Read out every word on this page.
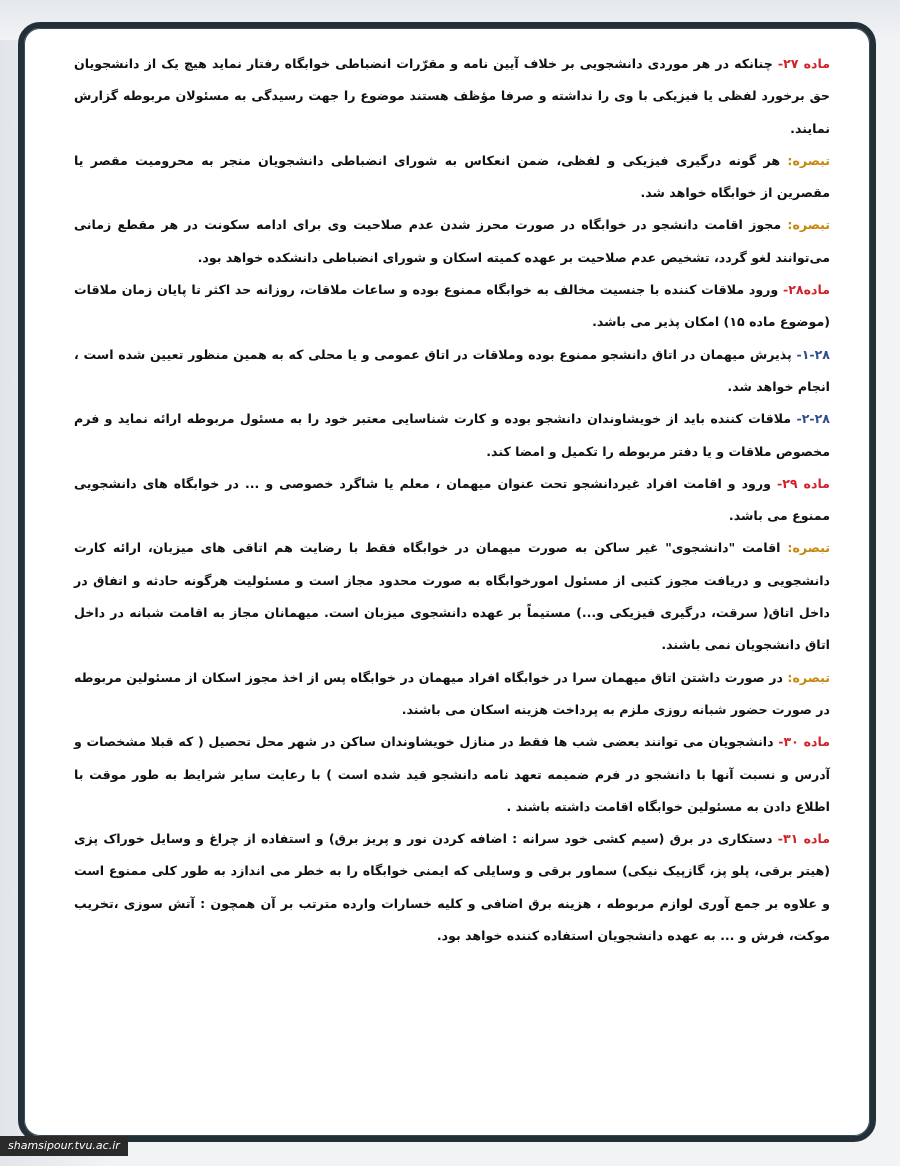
ماده ۲۷- چنانکه در هر موردی دانشجویی بر خلاف آیین نامه و مقرّرات انضباطی خوابگاه رفتار نماید هیچ یک از دانشجویان حق برخورد لفظی یا فیزیکی با وی را نداشته و صرفا مؤظف هستند موضوع را جهت رسیدگی به مسئولان مربوطه گزارش نمایند.

تبصره: هر گونه درگیری فیزیکی و لفظی، ضمن انعکاس به شورای انضباطی دانشجویان منجر به محرومیت مقصر یا مقصرین از خوابگاه خواهد شد.

تبصره: مجوز اقامت دانشجو در خوابگاه در صورت محرز شدن عدم صلاحیت وی برای ادامه سکونت در هر مقطع زمانی می‌توانند لغو گردد، تشخیص عدم صلاحیت بر عهده کمیته اسکان و شورای انضباطی دانشکده خواهد بود.

ماده۲۸- ورود ملاقات کننده با جنسیت مخالف به خوابگاه ممنوع بوده و ساعات ملاقات، روزانه حد اکثر تا پایان زمان ملاقات (موضوع ماده ۱۵) امکان پذیر می باشد.

۱-۲۸- پذیرش میهمان در اتاق دانشجو ممنوع بوده وملاقات در اتاق عمومی و یا محلی که به همین منظور تعیین شده است ، انجام خواهد شد.

۲-۲۸- ملاقات کننده باید از خویشاوندان دانشجو بوده و کارت شناسایی معتبر خود را به مسئول مربوطه ارائه نماید و فرم مخصوص ملاقات و یا دفتر مربوطه را تکمیل و امضا کند.

ماده ۲۹- ورود و اقامت افراد غیردانشجو تحت عنوان میهمان ، معلم یا شاگرد خصوصی و ... در خوابگاه های دانشجویی ممنوع می باشد.

تبصره: اقامت "دانشجوی" غیر ساکن به صورت میهمان در خوابگاه فقط با رضایت هم اتاقی های میزبان، ارائه کارت دانشجویی و دریافت مجوز کتبی از مسئول امورخوابگاه به صورت محدود مجاز است و مسئولیت هرگونه حادثه و اتفاق در داخل اتاق( سرقت، درگیری فیزیکی و...) مستیماً بر عهده دانشجوی میزبان است. میهمانان مجاز به اقامت شبانه در داخل اتاق دانشجویان نمی باشند.

تبصره: در صورت داشتن اتاق میهمان سرا در خوابگاه افراد میهمان در خوابگاه پس از اخذ مجوز اسکان از مسئولین مربوطه در صورت حضور شبانه روزی ملزم به پرداخت هزینه اسکان می باشند.

ماده ۳۰- دانشجویان می توانند بعضی شب ها فقط در منازل خویشاوندان ساکن در شهر محل تحصیل ( که قبلا مشخصات و آدرس و نسبت آنها با دانشجو در فرم ضمیمه تعهد نامه دانشجو قید شده است ) با رعایت سایر شرایط به طور موقت با اطلاع دادن به مسئولین خوابگاه اقامت داشته باشند .

ماده ۳۱- دستکاری در برق (سیم کشی خود سرانه : اضافه کردن نور و پریز برق) و استفاده از چراغ و وسایل خوراک پزی (هیتر برقی، پلو پز، گازپیک نیکی) سماور برقی و وسایلی که ایمنی خوابگاه را به خطر می اندازد به طور کلی ممنوع است و علاوه بر جمع آوری لوازم مربوطه ، هزینه برق اضافی و کلیه خسارات وارده مترتب بر آن همچون : آتش سوزی ،تخریب موکت، فرش و ... به عهده دانشجویان استفاده کننده خواهد بود.

shamsipour.tvu.ac.ir
